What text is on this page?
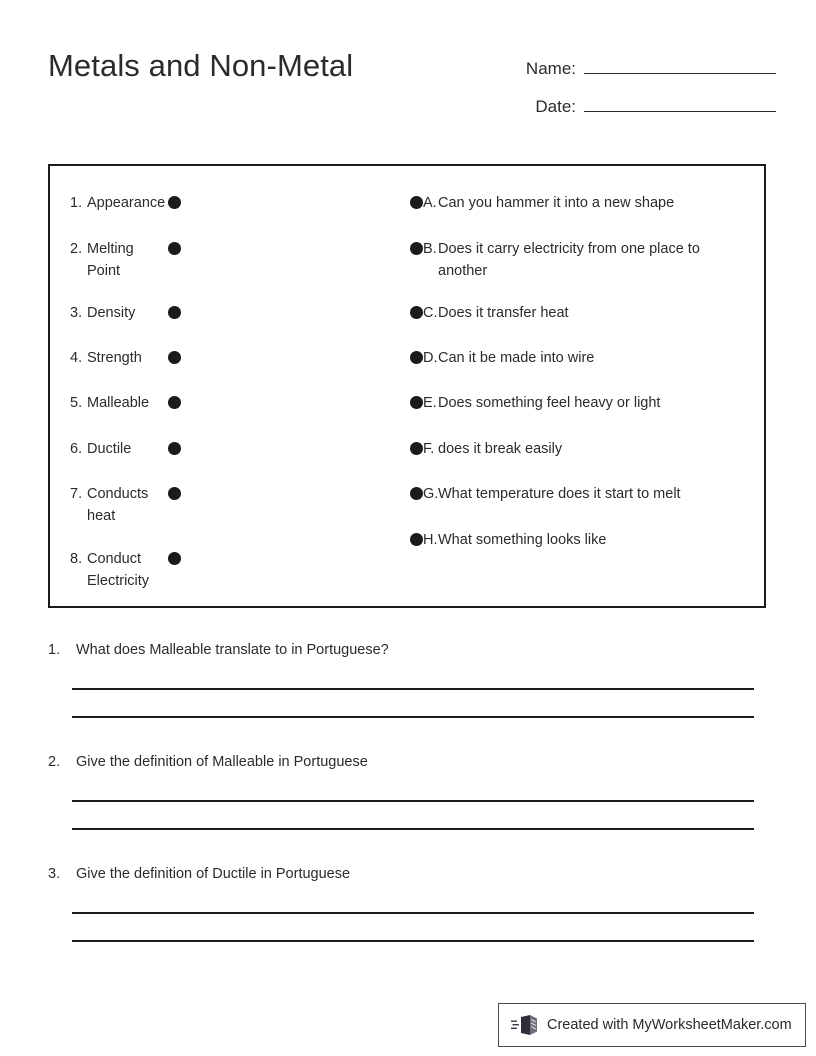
Metals and Non-Metal	Name:
Date:
1. Appearance
2. Melting Point
3. Density
4. Strength
5. Malleable
6. Ductile
7. Conducts heat
8. Conduct Electricity
A. Can you hammer it into a new shape
B. Does it carry electricity from one place to another
C. Does it transfer heat
D. Can it be made into wire
E. Does something feel heavy or light
F. does it break easily
G. What temperature does it start to melt
H. What something looks like
1.	What does Malleable translate to in Portuguese?
2.	Give the definition of Malleable in Portuguese
3.	Give the definition of Ductile in Portuguese
Created with MyWorksheetMaker.com
